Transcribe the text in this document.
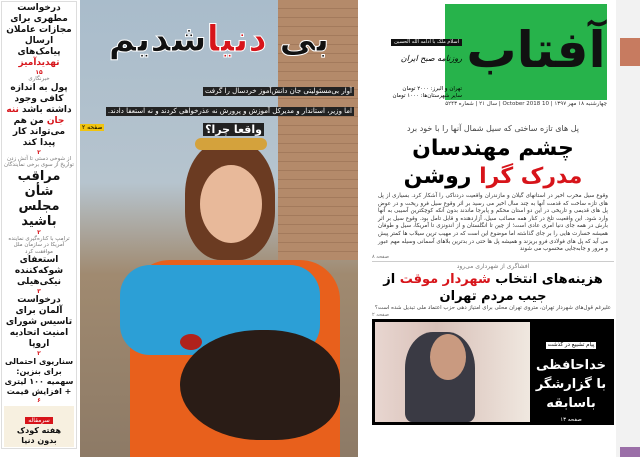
درخواست مطهری برای مجازات عاملان ارسال پیامک‌های تهدیدآمیز
۱۵
خبرنگاری
پول به اندازه کافی وجود داشته باشد ننه جان من هم می‌تواند کار پیدا کند
۲
از شوخی دستی تا آتش زدن تواریخ از سوی برخی نمایندگان
مراقب شأن مجلس باشید
۲
ترامپ با کناره‌گیری نماینده آمریکا در سازمان ملل موافقت کرد
استعفای شوکه‌کننده نیکی‌هیلی
۳
درخواست آلمان برای تاسیس شورای امنیت اتحادیه اروپا
۲
سناریوی احتمالی برای بنزین: سهمیه ۱۰۰ لیتری + افزایش قیمت
۶
سرمقاله
هفته کودک بدون دنیا
بی دنیاشدیم
آوار بی‌مسئولیتی جان دانش‌آموز خردسال را گرفت
اما وزیر، استاندار و مدیرکل آموزش و پرورش نه عذرخواهی کردند و نه استعفا دادند.
واقعا چرا؟
صفحه ۲
آفتاب
اسلام ملک با ادامه الله الحسین
روزنامه صبح ایران
تهران و البرز: ۲۰۰۰ تومان
سایر شهرستان‌ها: ۱۰۰۰ تومان
چهارشنبه ۱۸ مهر ۱۳۹۷ | 10 October 2018 | سال ۲۱ | شماره ۵۲۴۳
پل های تازه ساختی که سیل شمال آنها را با خود برد
چشم مهندسان
مدرک گرا روشن
وقوع سیل مخرب اخیر در استانهای گیلان و مازندران واقعیت دردناکی را آشکار کرد. بسیاری از پل های تازه ساخت که قدمت آنها به چند سال اخیر می رسید بر اثر وقوع سیل فرو ریخت و در عوض پل های قدیمی و تاریخی در این دو استان محکم و پابرجا ماندند بدون آنکه کوچکترین آسیبی به آنها وارد شود. این واقعیت تلخ در کنار همه مصائب سیل، آزاردهنده و قابل تامل بود. وقوع سیل بر اثر بارش در همه جای دنیا امری عادی است؛ از چین تا انگلستان و از اندونزی تا آمریکا، سیل و طوفان همیشه خسارت هایی را بر جای گذاشته اما موضوع این است که در مهیب ترین سیلاب ها کمتر پیش می آید که پل های فولادی فرو بریزند و همیشه پل ها حتی در بدترین بلاهای آسمانی وسیله مهم عبور و مرور و جابه‌جایی محسوب می شوند
صفحه ۸
افشاگری از شهرداری می‌رود
هزینه‌های انتخاب شهردار موقت از جیب مردم تهران
علیرغم قول‌های شهردار تهران، متروی تهران محلی برای امتیاز دهی حزب اعتماد ملی تبدیل شده است؟
صفحه ۲
پیام تشییع در گذشت
خداحافظی با گزارشگر باسابقه
صفحه ۱۳
